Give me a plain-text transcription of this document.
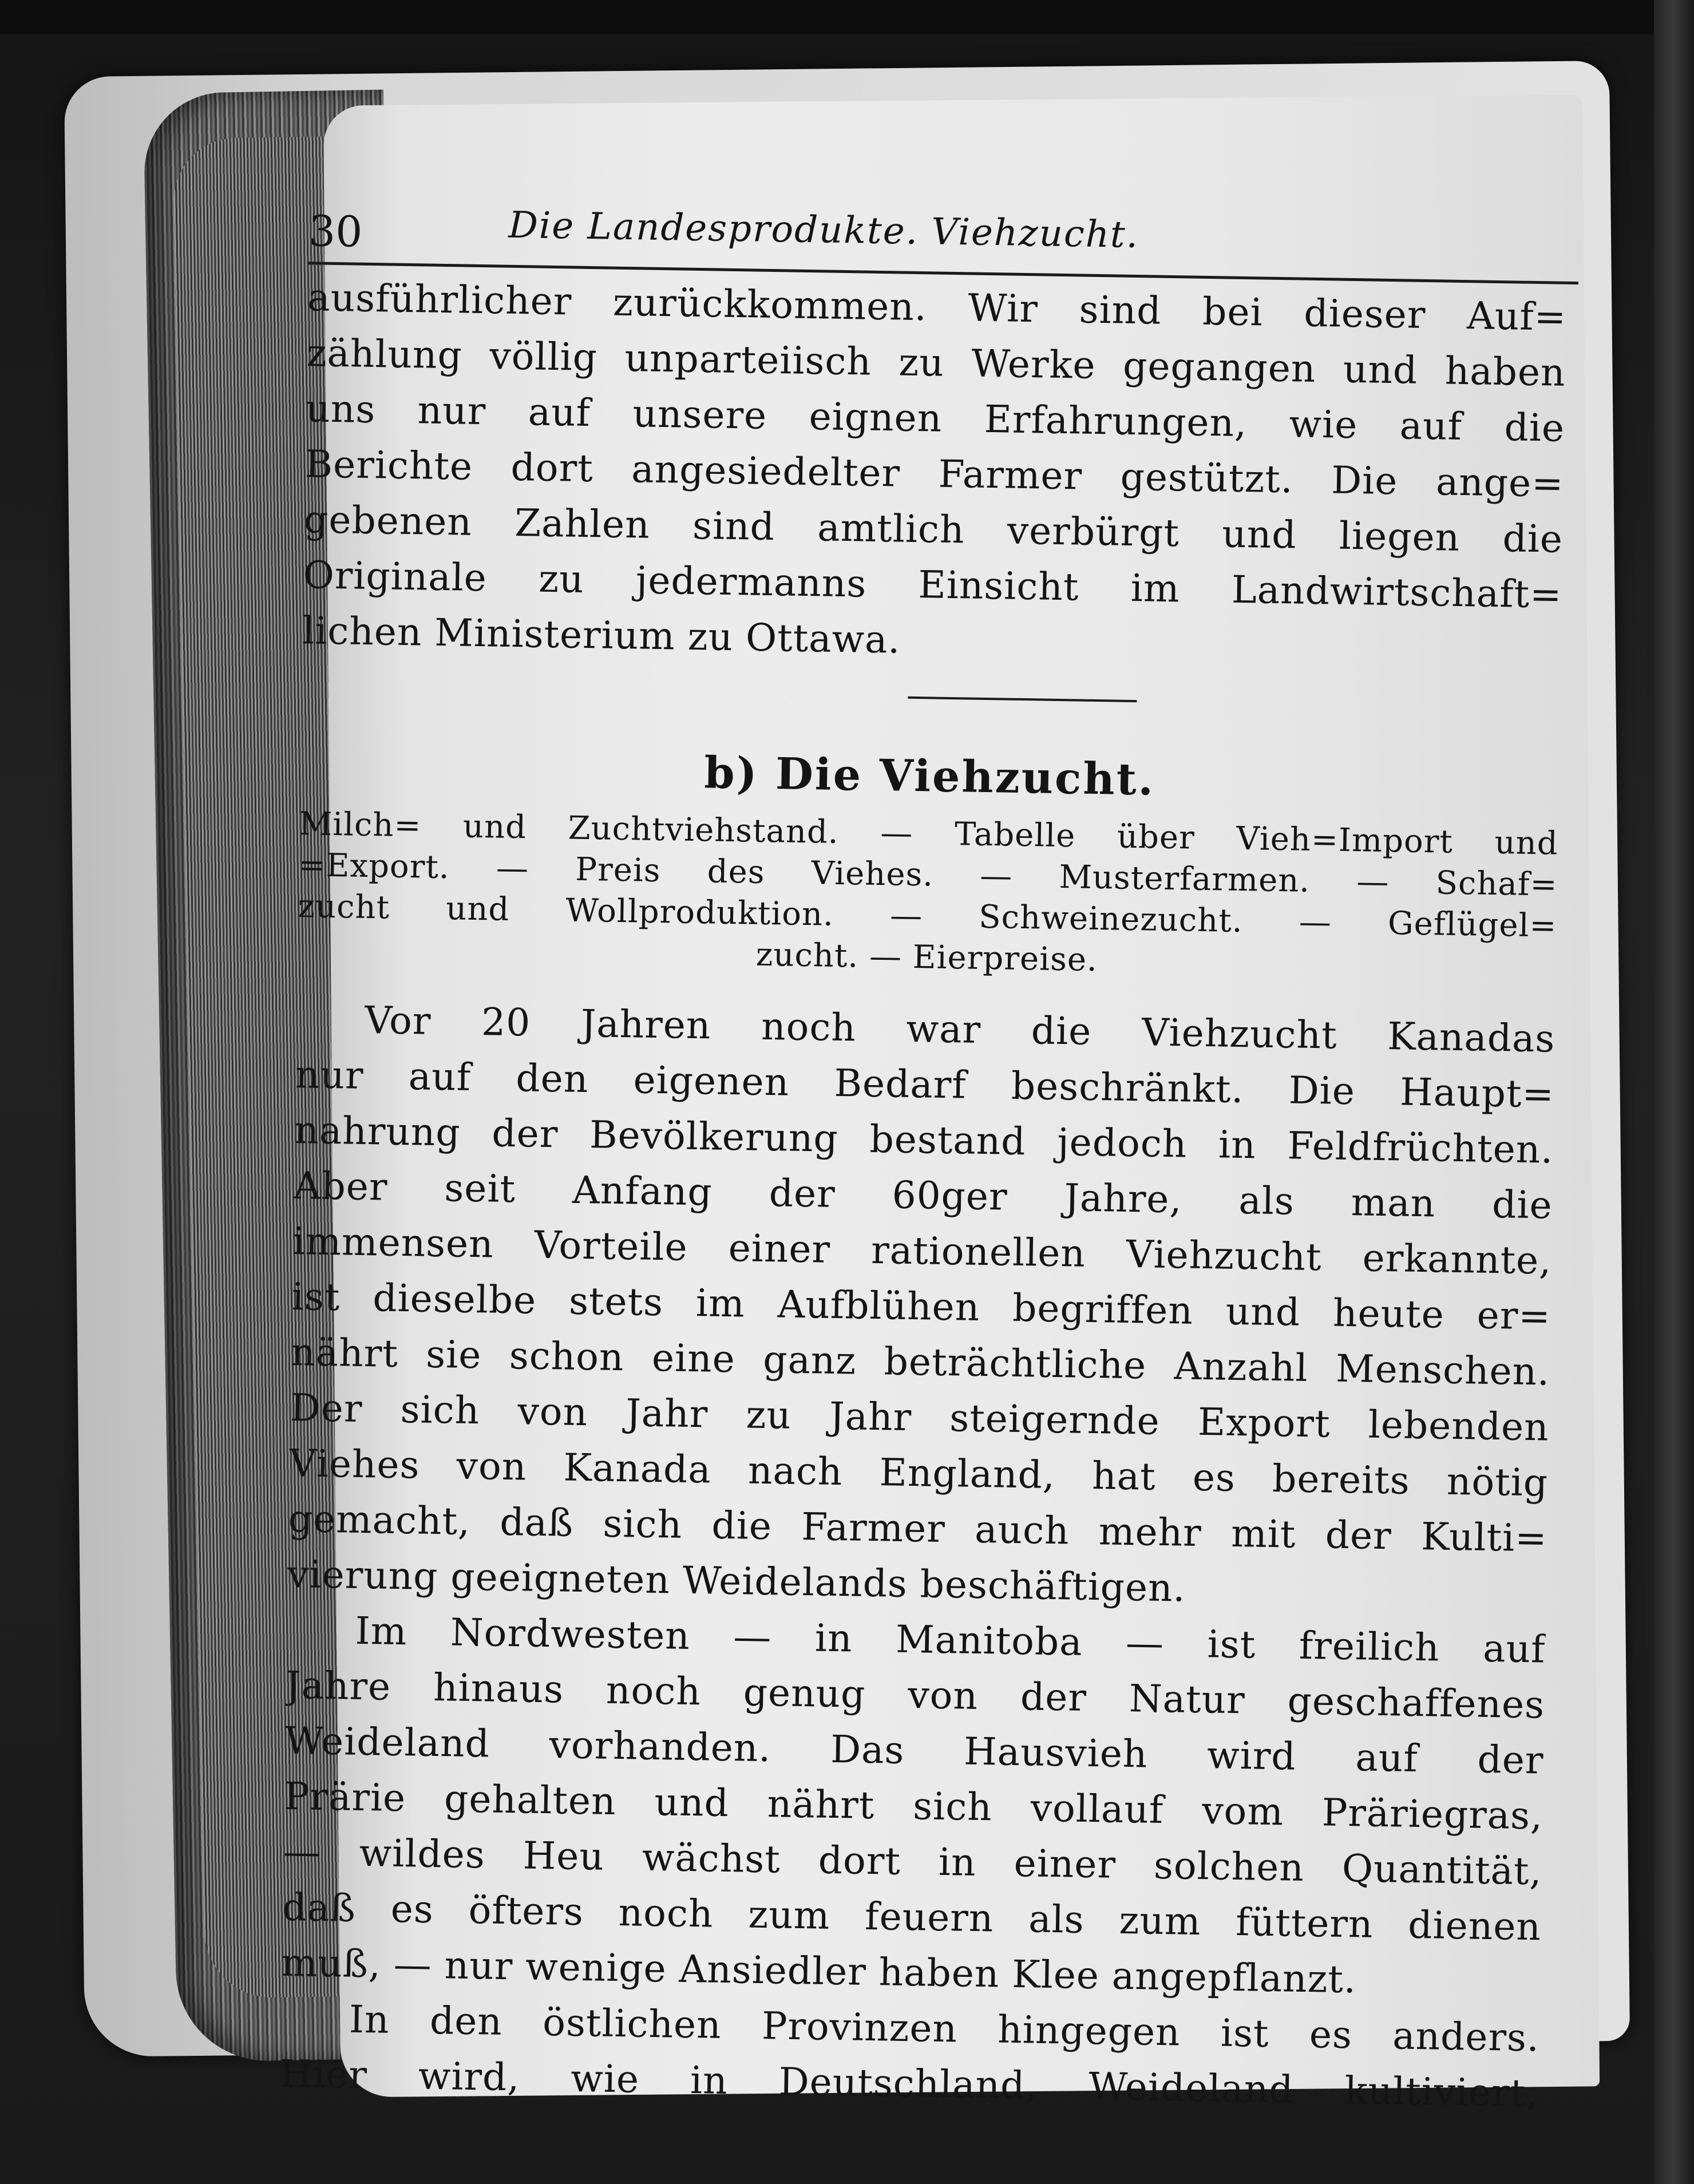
30	Die Landesprodukte. Viehzucht.
ausführlicher zurückkommen. Wir sind bei dieser Auf=
zählung völlig unparteiisch zu Werke gegangen und haben
uns nur auf unsere eignen Erfahrungen, wie auf die
Berichte dort angesiedelter Farmer gestützt. Die ange=
gebenen Zahlen sind amtlich verbürgt und liegen die
Originale zu jedermanns Einsicht im Landwirtschaft=
lichen Ministerium zu Ottawa.
b) Die Viehzucht.
Milch= und Zuchtviehstand. — Tabelle über Vieh=Import und
=Export. — Preis des Viehes. — Musterfarmen. — Schaf=
zucht und Wollproduktion. — Schweinezucht. — Geflügel=
zucht. — Eierpreise.
Vor 20 Jahren noch war die Viehzucht Kanadas
nur auf den eigenen Bedarf beschränkt. Die Haupt=
nahrung der Bevölkerung bestand jedoch in Feldfrüchten.
Aber seit Anfang der 60ger Jahre, als man die
immensen Vorteile einer rationellen Viehzucht erkannte,
ist dieselbe stets im Aufblühen begriffen und heute er=
nährt sie schon eine ganz beträchtliche Anzahl Menschen.
Der sich von Jahr zu Jahr steigernde Export lebenden
Viehes von Kanada nach England, hat es bereits nötig
gemacht, daß sich die Farmer auch mehr mit der Kulti=
vierung geeigneten Weidelands beschäftigen.
Im Nordwesten — in Manitoba — ist freilich auf
Jahre hinaus noch genug von der Natur geschaffenes
Weideland vorhanden. Das Hausvieh wird auf der
Prärie gehalten und nährt sich vollauf vom Präriegras,
— wildes Heu wächst dort in einer solchen Quantität,
daß es öfters noch zum feuern als zum füttern dienen
muß, — nur wenige Ansiedler haben Klee angepflanzt.
In den östlichen Provinzen hingegen ist es anders.
Hier wird, wie in Deutschland, Weideland kultiviert,
